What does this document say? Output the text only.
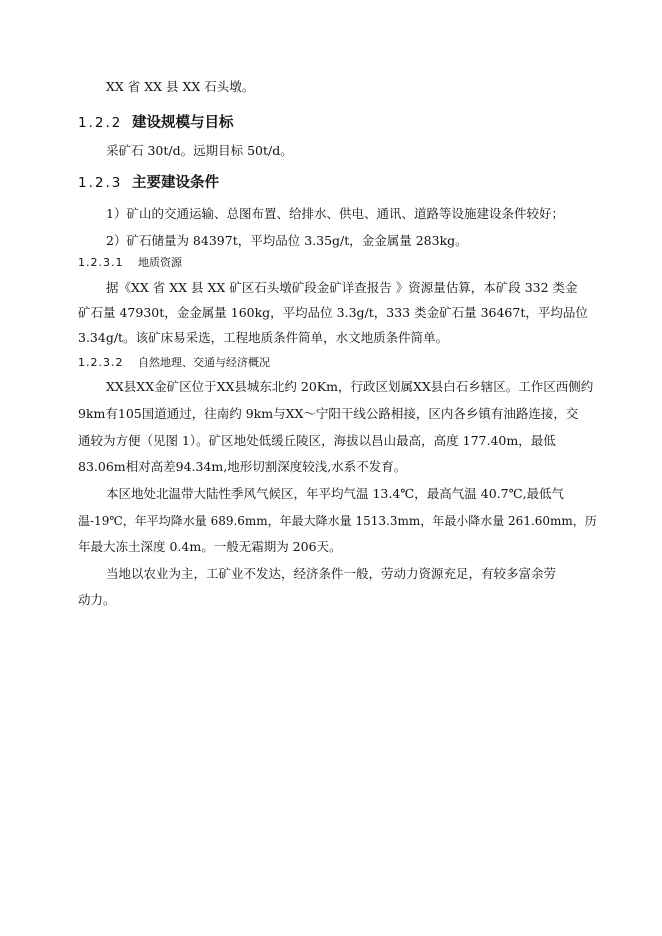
XX 省 XX 县 XX 石头墩。
1.2.2 建设规模与目标
采矿石 30t/d。远期目标 50t/d。
1.2.3 主要建设条件
1）矿山的交通运输、总图布置、给排水、供电、通讯、道路等设施建设条件较好；
2）矿石储量为 84397t，平均品位 3.35g/t，金金属量 283kg。
1.2.3.1 地质资源
据《XX 省 XX 县 XX 矿区石头墩矿段金矿详查报告 》资源量估算，本矿段 332 类金
矿石量 47930t，金金属量 160kg，平均品位 3.3g/t，333 类金矿石量 36467t，平均品位
3.34g/t。该矿床易采选，工程地质条件简单，水文地质条件简单。
1.2.3.2 自然地理、交通与经济概况
XX县XX金矿区位于XX县城东北约 20Km，行政区划属XX县白石乡辖区。工作区西侧约
9km有105国道通过，往南约 9km与XX～宁阳干线公路相接，区内各乡镇有油路连接，交
通较为方便（见图 1）。矿区地处低缓丘陵区，海拔以昌山最高，高度 177.40m，最低
83.06m相对高差94.34m,地形切割深度较浅,水系不发育。
本区地处北温带大陆性季风气候区，年平均气温 13.4℃，最高气温 40.7℃,最低气
温-19℃，年平均降水量 689.6mm，年最大降水量 1513.3mm，年最小降水量 261.60mm，历
年最大冻土深度 0.4m。一般无霜期为 206天。
当地以农业为主，工矿业不发达，经济条件一般，劳动力资源充足，有较多富余劳
动力。
